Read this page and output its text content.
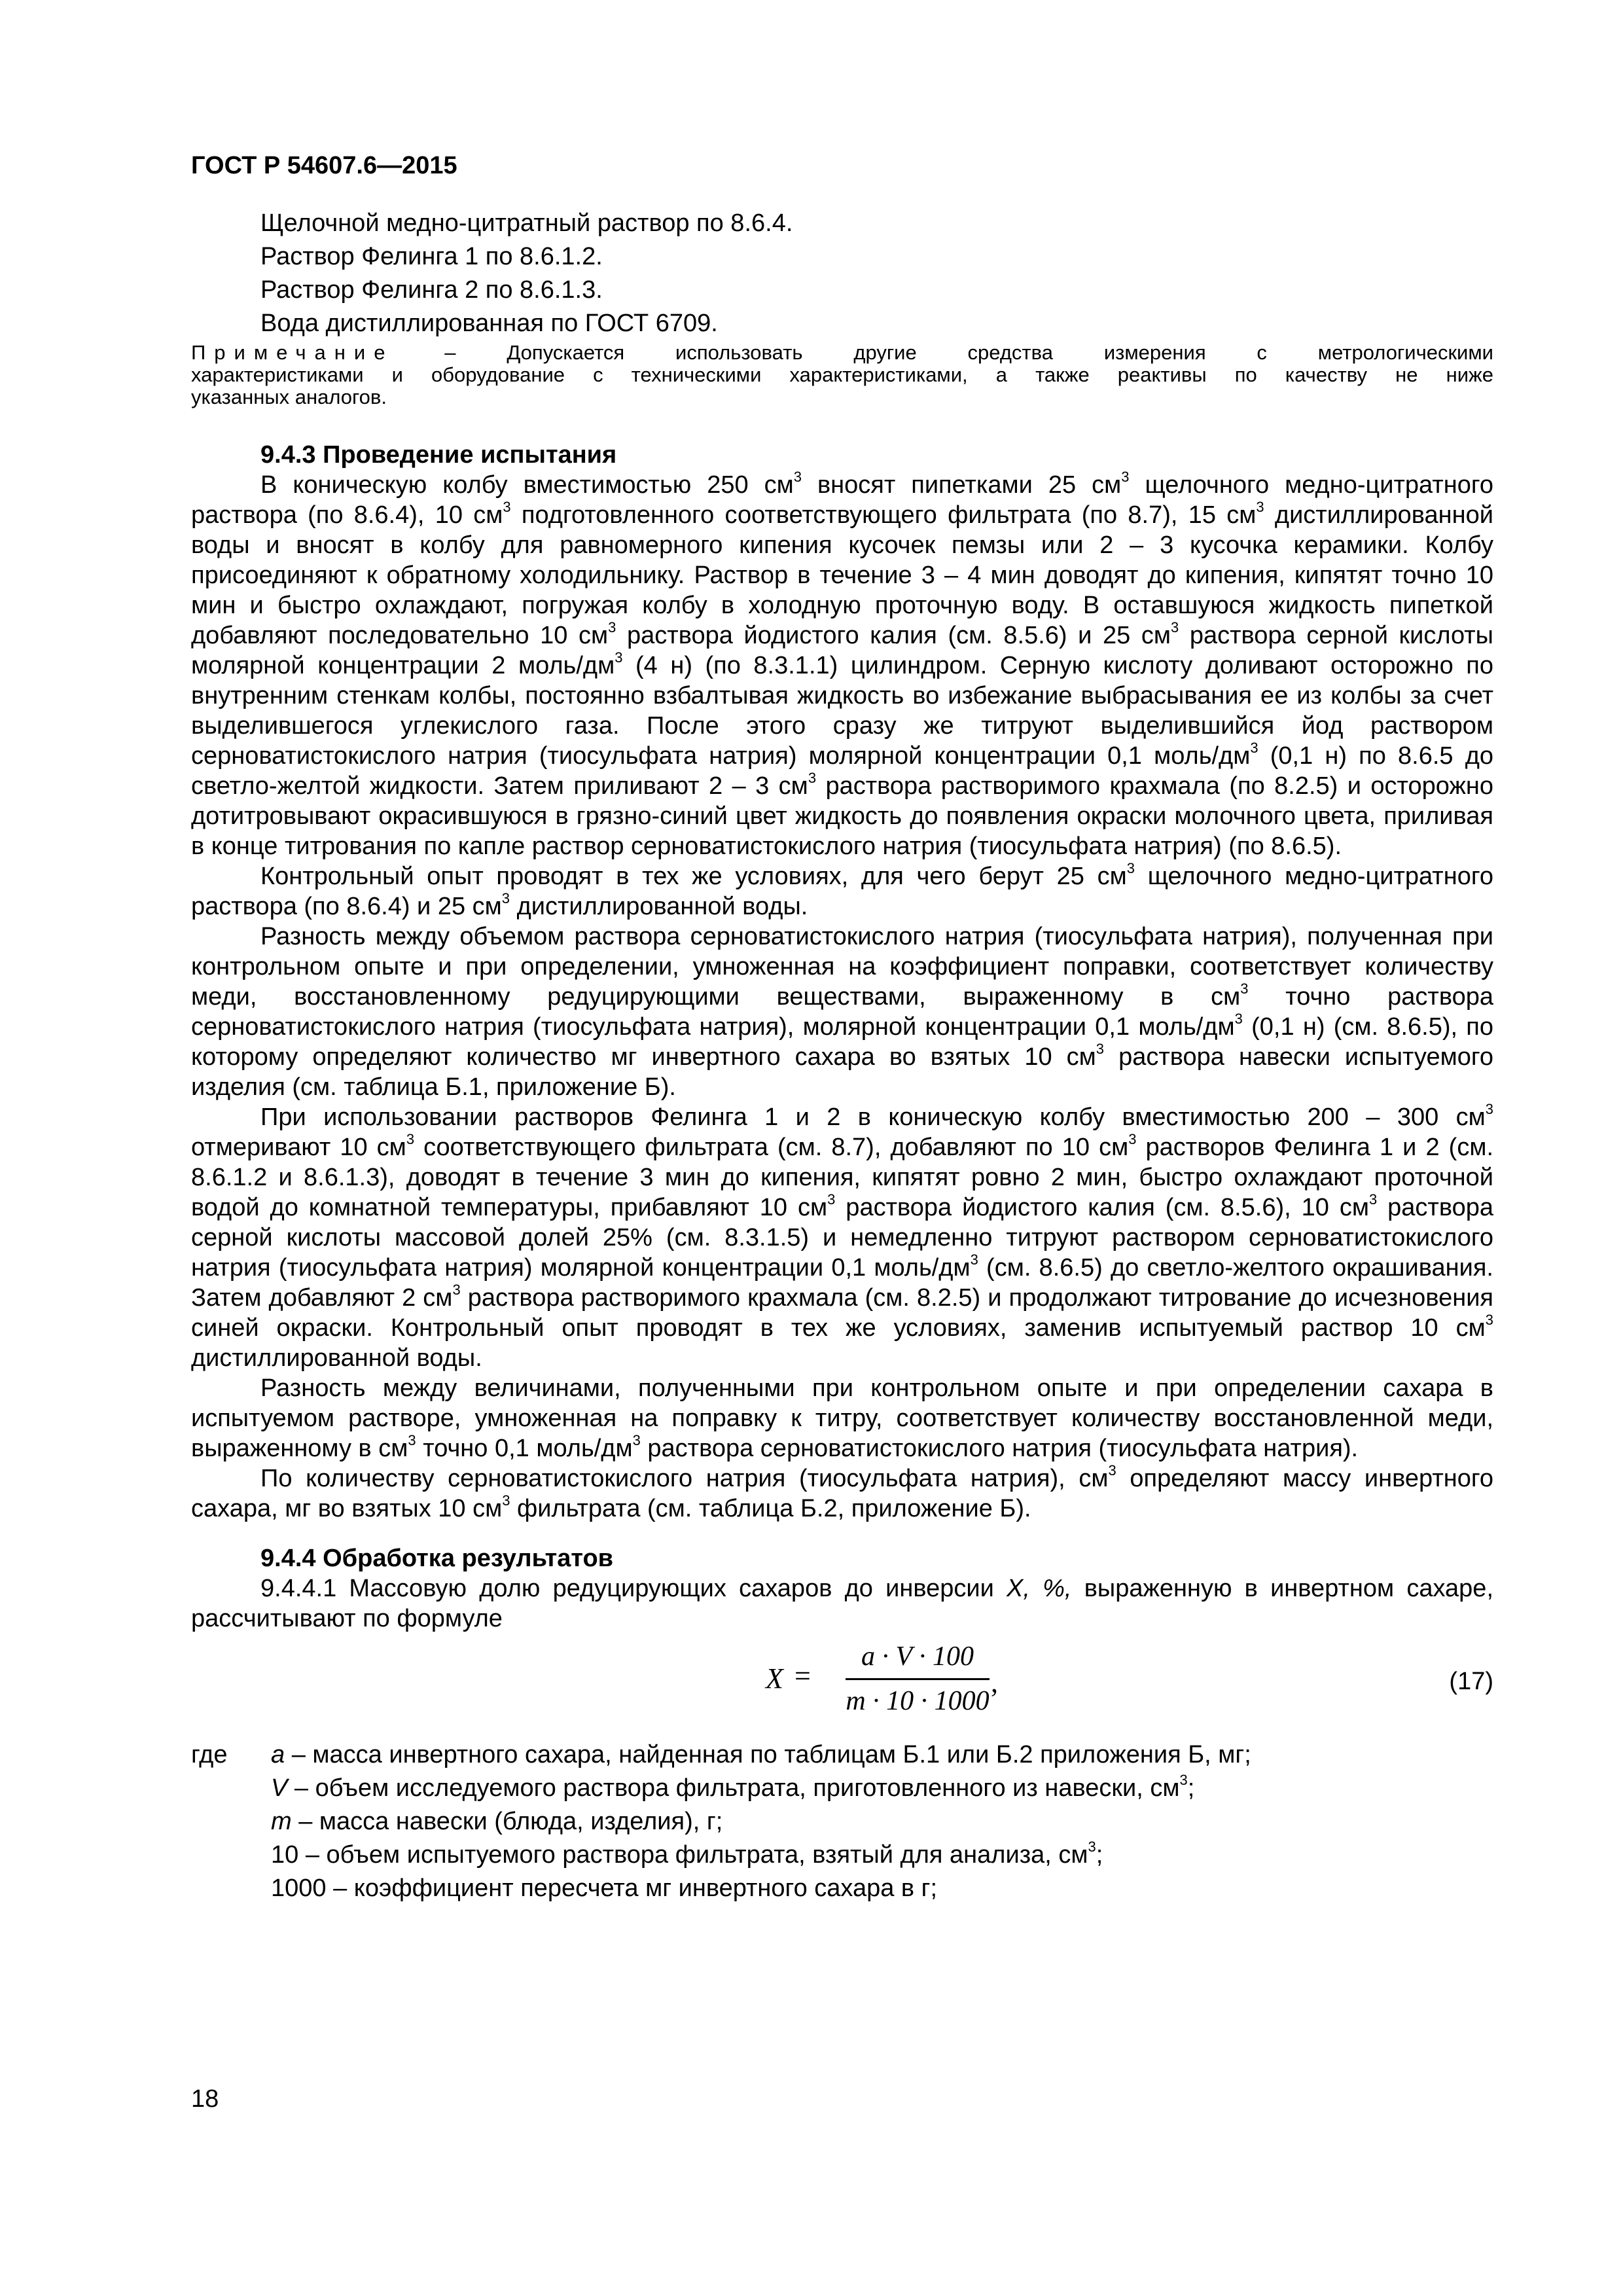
ГОСТ Р 54607.6—2015
Щелочной медно-цитратный раствор по 8.6.4.
Раствор Фелинга 1 по 8.6.1.2.
Раствор Фелинга 2 по 8.6.1.3.
Вода дистиллированная по ГОСТ 6709.

Примечание	– Допускается использовать другие средства измерения с метрологическими

характеристиками и оборудование с техническими характеристиками, а также реактивы по качеству не ниже

указанных аналогов.

9.4.3 Проведение испытания

В коническую колбу вместимостью 250 $см^3$ вносят пипетками 25 $см^3$ щелочного медно-цитратного раствора (по 8.6.4), 10 $см^3$ подготовленного соответствующего фильтрата (по 8.7), 15 $см^3$ дистиллированной воды и вносят в колбу для равномерного кипения кусочек пемзы или 2 – 3 кусочка керамики. Колбу присоединяют к обратному холодильнику. Раствор в течение 3 – 4 мин доводят до кипения, кипятят точно 10 мин и быстро охлаждают, погружая колбу в холодную проточную воду. В оставшуюся жидкость пипеткой добавляют последовательно 10 $см^3$ раствора йодистого калия (см. 8.5.6) и 25 $см^3$ раствора серной кислоты молярной концентрации 2 моль/$дм^3$ (4 н) (по 8.3.1.1) цилиндром. Серную кислоту доливают осторожно по внутренним стенкам колбы, постоянно взбалтывая жидкость во избежание выбрасывания ее из колбы за счет выделившегося углекислого газа. После этого сразу же титруют выделившийся йод раствором серноватистокислого натрия (тиосульфата натрия) молярной концентрации 0,1 моль/$дм^3$ (0,1 н) по 8.6.5 до светло-желтой жидкости. Затем приливают 2 – 3 $см^3$ раствора растворимого крахмала (по 8.2.5) и осторожно дотитровывают окрасившуюся в грязно-синий цвет жидкость до появления окраски молочного цвета, приливая в конце титрования по капле раствор серноватистокислого натрия (тиосульфата натрия) (по 8.6.5).

Контрольный опыт проводят в тех же условиях, для чего берут 25 $см^3$ щелочного медно-цитратного раствора (по 8.6.4) и 25 $см^3$ дистиллированной воды.

Разность между объемом раствора серноватистокислого натрия (тиосульфата натрия), полученная при контрольном опыте и при определении, умноженная на коэффициент поправки, соответствует количеству меди, восстановленному редуцирующими веществами, выраженному в $см^3$ точно раствора серноватистокислого натрия (тиосульфата натрия), молярной концентрации 0,1 моль/$дм^3$ (0,1 н) (см. 8.6.5), по которому определяют количество мг инвертного сахара во взятых 10 $см^3$ раствора навески испытуемого изделия (см. таблица Б.1, приложение Б).

При использовании растворов Фелинга 1 и 2 в коническую колбу вместимостью 200 – 300 $см^3$ отмеривают 10 $см^3$ соответствующего фильтрата (см. 8.7), добавляют по 10 $см^3$ растворов Фелинга 1 и 2 (см. 8.6.1.2 и 8.6.1.3), доводят в течение 3 мин до кипения, кипятят ровно 2 мин, быстро охлаждают проточной водой до комнатной температуры, прибавляют 10 $см^3$ раствора йодистого калия (см. 8.5.6), 10 $см^3$ раствора серной кислоты массовой долей 25% (см. 8.3.1.5) и немедленно титруют раствором серноватистокислого натрия (тиосульфата натрия) молярной концентрации 0,1 моль/$дм^3$ (см. 8.6.5) до светло-желтого окрашивания. Затем добавляют 2 $см^3$ раствора растворимого крахмала (см. 8.2.5) и продолжают титрование до исчезновения синей окраски. Контрольный опыт проводят в тех же условиях, заменив испытуемый раствор 10 $см^3$ дистиллированной воды.

Разность между величинами, полученными при контрольном опыте и при определении сахара в испытуемом растворе, умноженная на поправку к титру, соответствует количеству восстановленной меди, выраженному в $см^3$ точно 0,1 моль/$дм^3$ раствора серноватистокислого натрия (тиосульфата натрия).

По количеству серноватистокислого натрия (тиосульфата натрия), $см^3$ определяют массу инвертного сахара, мг во взятых 10 $см^3$ фильтрата (см. таблица Б.2, приложение Б).

9.4.4 Обработка результатов

9.4.4.1 Массовую долю редуцирующих сахаров до инверсии X, %, выраженную в инвертном сахаре, рассчитывают по формуле

X =
a · V · 100
m · 10 · 1000
,	(17)
где a – масса инвертного сахара, найденная по таблицам Б.1 или Б.2 приложения Б, мг;
V – объем исследуемого раствора фильтрата, приготовленного из навески, $см^3$;
m – масса навески (блюда, изделия), г;
10 – объем испытуемого раствора фильтрата, взятый для анализа, $см^3$;
1000 – коэффициент пересчета мг инвертного сахара в г;
18
